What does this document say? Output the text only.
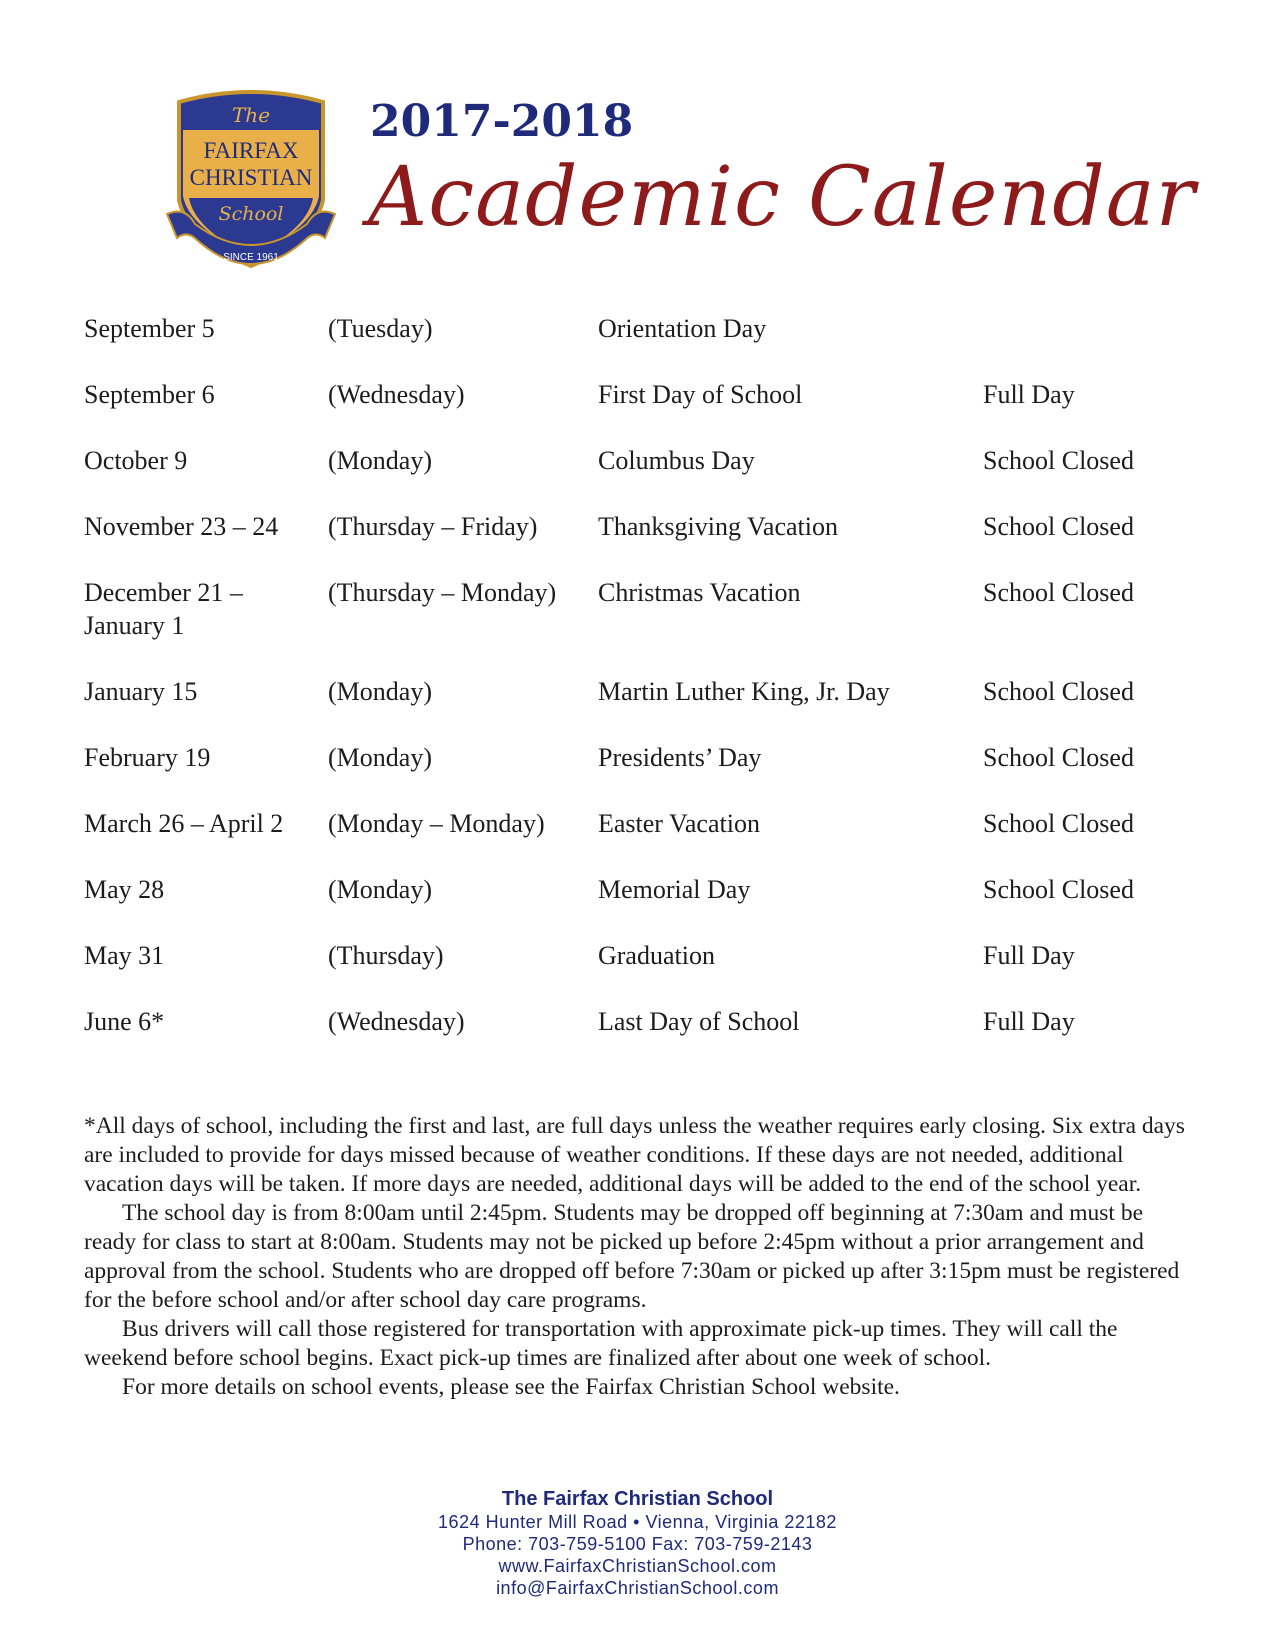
The
FAIRFAX
CHRISTIAN
School
SINCE 1961
2017-2018
Academic Calendar
September 5	(Tuesday)	Orientation Day	
September 6	(Wednesday)	First Day of School	Full Day
October 9	(Monday)	Columbus Day	School Closed
November 23 – 24	(Thursday – Friday)	Thanksgiving Vacation	School Closed
December 21 – January 1	(Thursday – Monday)	Christmas Vacation	School Closed
January 15	(Monday)	Martin Luther King, Jr. Day	School Closed
February 19	(Monday)	Presidents’ Day	School Closed
March 26 – April 2	(Monday – Monday)	Easter Vacation	School Closed
May 28	(Monday)	Memorial Day	School Closed
May 31	(Thursday)	Graduation	Full Day
June 6*	(Wednesday)	Last Day of School	Full Day

*All days of school, including the first and last, are full days unless the weather requires early closing. Six extra days are included to provide for days missed because of weather conditions. If these days are not needed, additional vacation days will be taken. If more days are needed, additional days will be added to the end of the school year.

The school day is from 8:00am until 2:45pm. Students may be dropped off beginning at 7:30am and must be ready for class to start at 8:00am. Students may not be picked up before 2:45pm without a prior arrangement and approval from the school. Students who are dropped off before 7:30am or picked up after 3:15pm must be registered for the before school and/or after school day care programs.

Bus drivers will call those registered for transportation with approximate pick-up times. They will call the weekend before school begins. Exact pick-up times are finalized after about one week of school.

For more details on school events, please see the Fairfax Christian School website.

The Fairfax Christian School
1624 Hunter Mill Road • Vienna, Virginia 22182
Phone: 703-759-5100 Fax: 703-759-2143
www.FairfaxChristianSchool.com
info@FairfaxChristianSchool.com
